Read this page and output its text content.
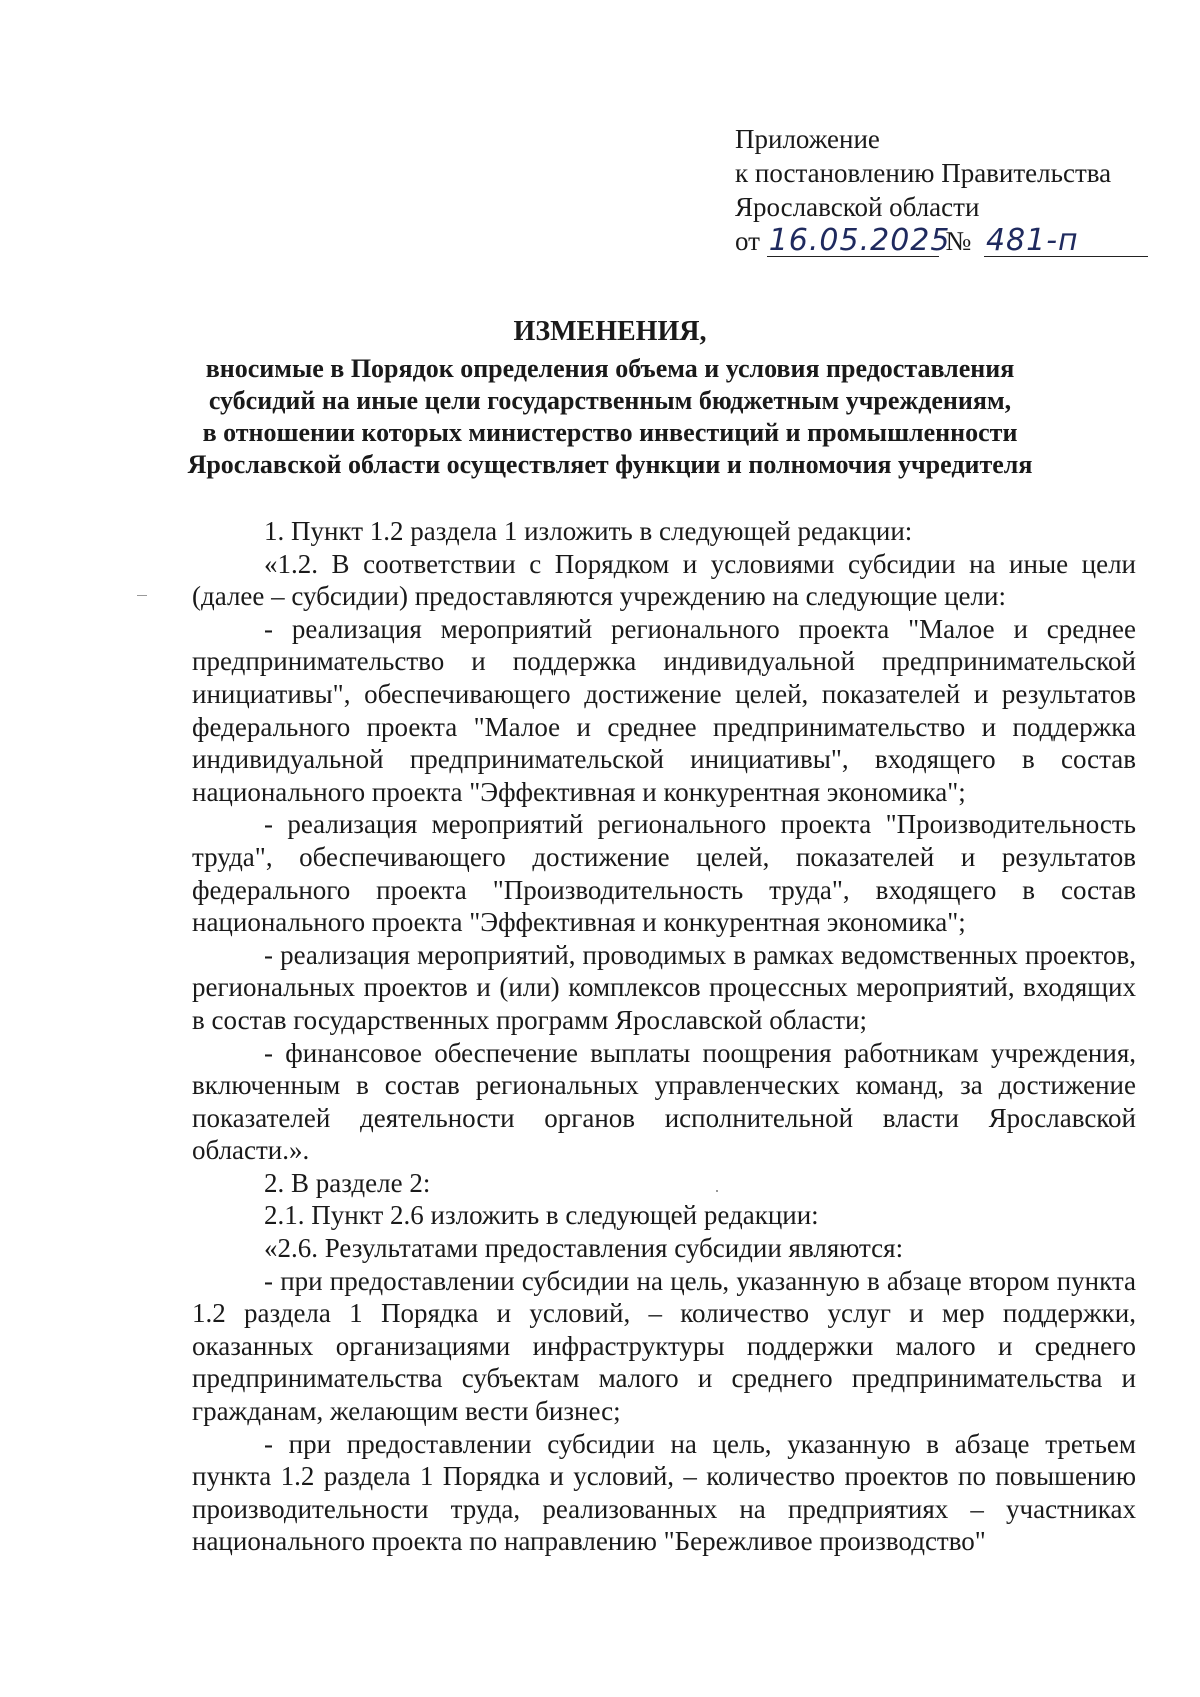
Приложение
к постановлению Правительства
Ярославской области
от 16.05.2025 № 481-п
ИЗМЕНЕНИЯ,
вносимые в Порядок определения объема и условия предоставления
субсидий на иные цели государственным бюджетным учреждениям,
в отношении которых министерство инвестиций и промышленности
Ярославской области осуществляет функции и полномочия учредителя

1. Пункт 1.2 раздела 1 изложить в следующей редакции:

«1.2. В соответствии с Порядком и условиями субсидии на иные цели (далее – субсидии) предоставляются учреждению на следующие цели:

- реализация мероприятий регионального проекта "Малое и среднее предпринимательство и поддержка индивидуальной предпринимательской инициативы", обеспечивающего достижение целей, показателей и результатов федерального проекта "Малое и среднее предпринимательство и поддержка индивидуальной предпринимательской инициативы", входящего в состав национального проекта "Эффективная и конкурентная экономика";

- реализация мероприятий регионального проекта "Производительность труда", обеспечивающего достижение целей, показателей и результатов федерального проекта "Производительность труда", входящего в состав национального проекта "Эффективная и конкурентная экономика";

- реализация мероприятий, проводимых в рамках ведомственных проектов, региональных проектов и (или) комплексов процессных мероприятий, входящих в состав государственных программ Ярославской области;

- финансовое обеспечение выплаты поощрения работникам учреждения, включенным в состав региональных управленческих команд, за достижение показателей деятельности органов исполнительной власти Ярославской области.».

2. В разделе 2:

2.1. Пункт 2.6 изложить в следующей редакции:

«2.6. Результатами предоставления субсидии являются:

- при предоставлении субсидии на цель, указанную в абзаце втором пункта 1.2 раздела 1 Порядка и условий, – количество услуг и мер поддержки, оказанных организациями инфраструктуры поддержки малого и среднего предпринимательства субъектам малого и среднего предпринимательства и гражданам, желающим вести бизнес;

- при предоставлении субсидии на цель, указанную в абзаце третьем пункта 1.2 раздела 1 Порядка и условий, – количество проектов по повышению производительности труда, реализованных на предприятиях – участниках национального проекта по направлению "Бережливое производство"
